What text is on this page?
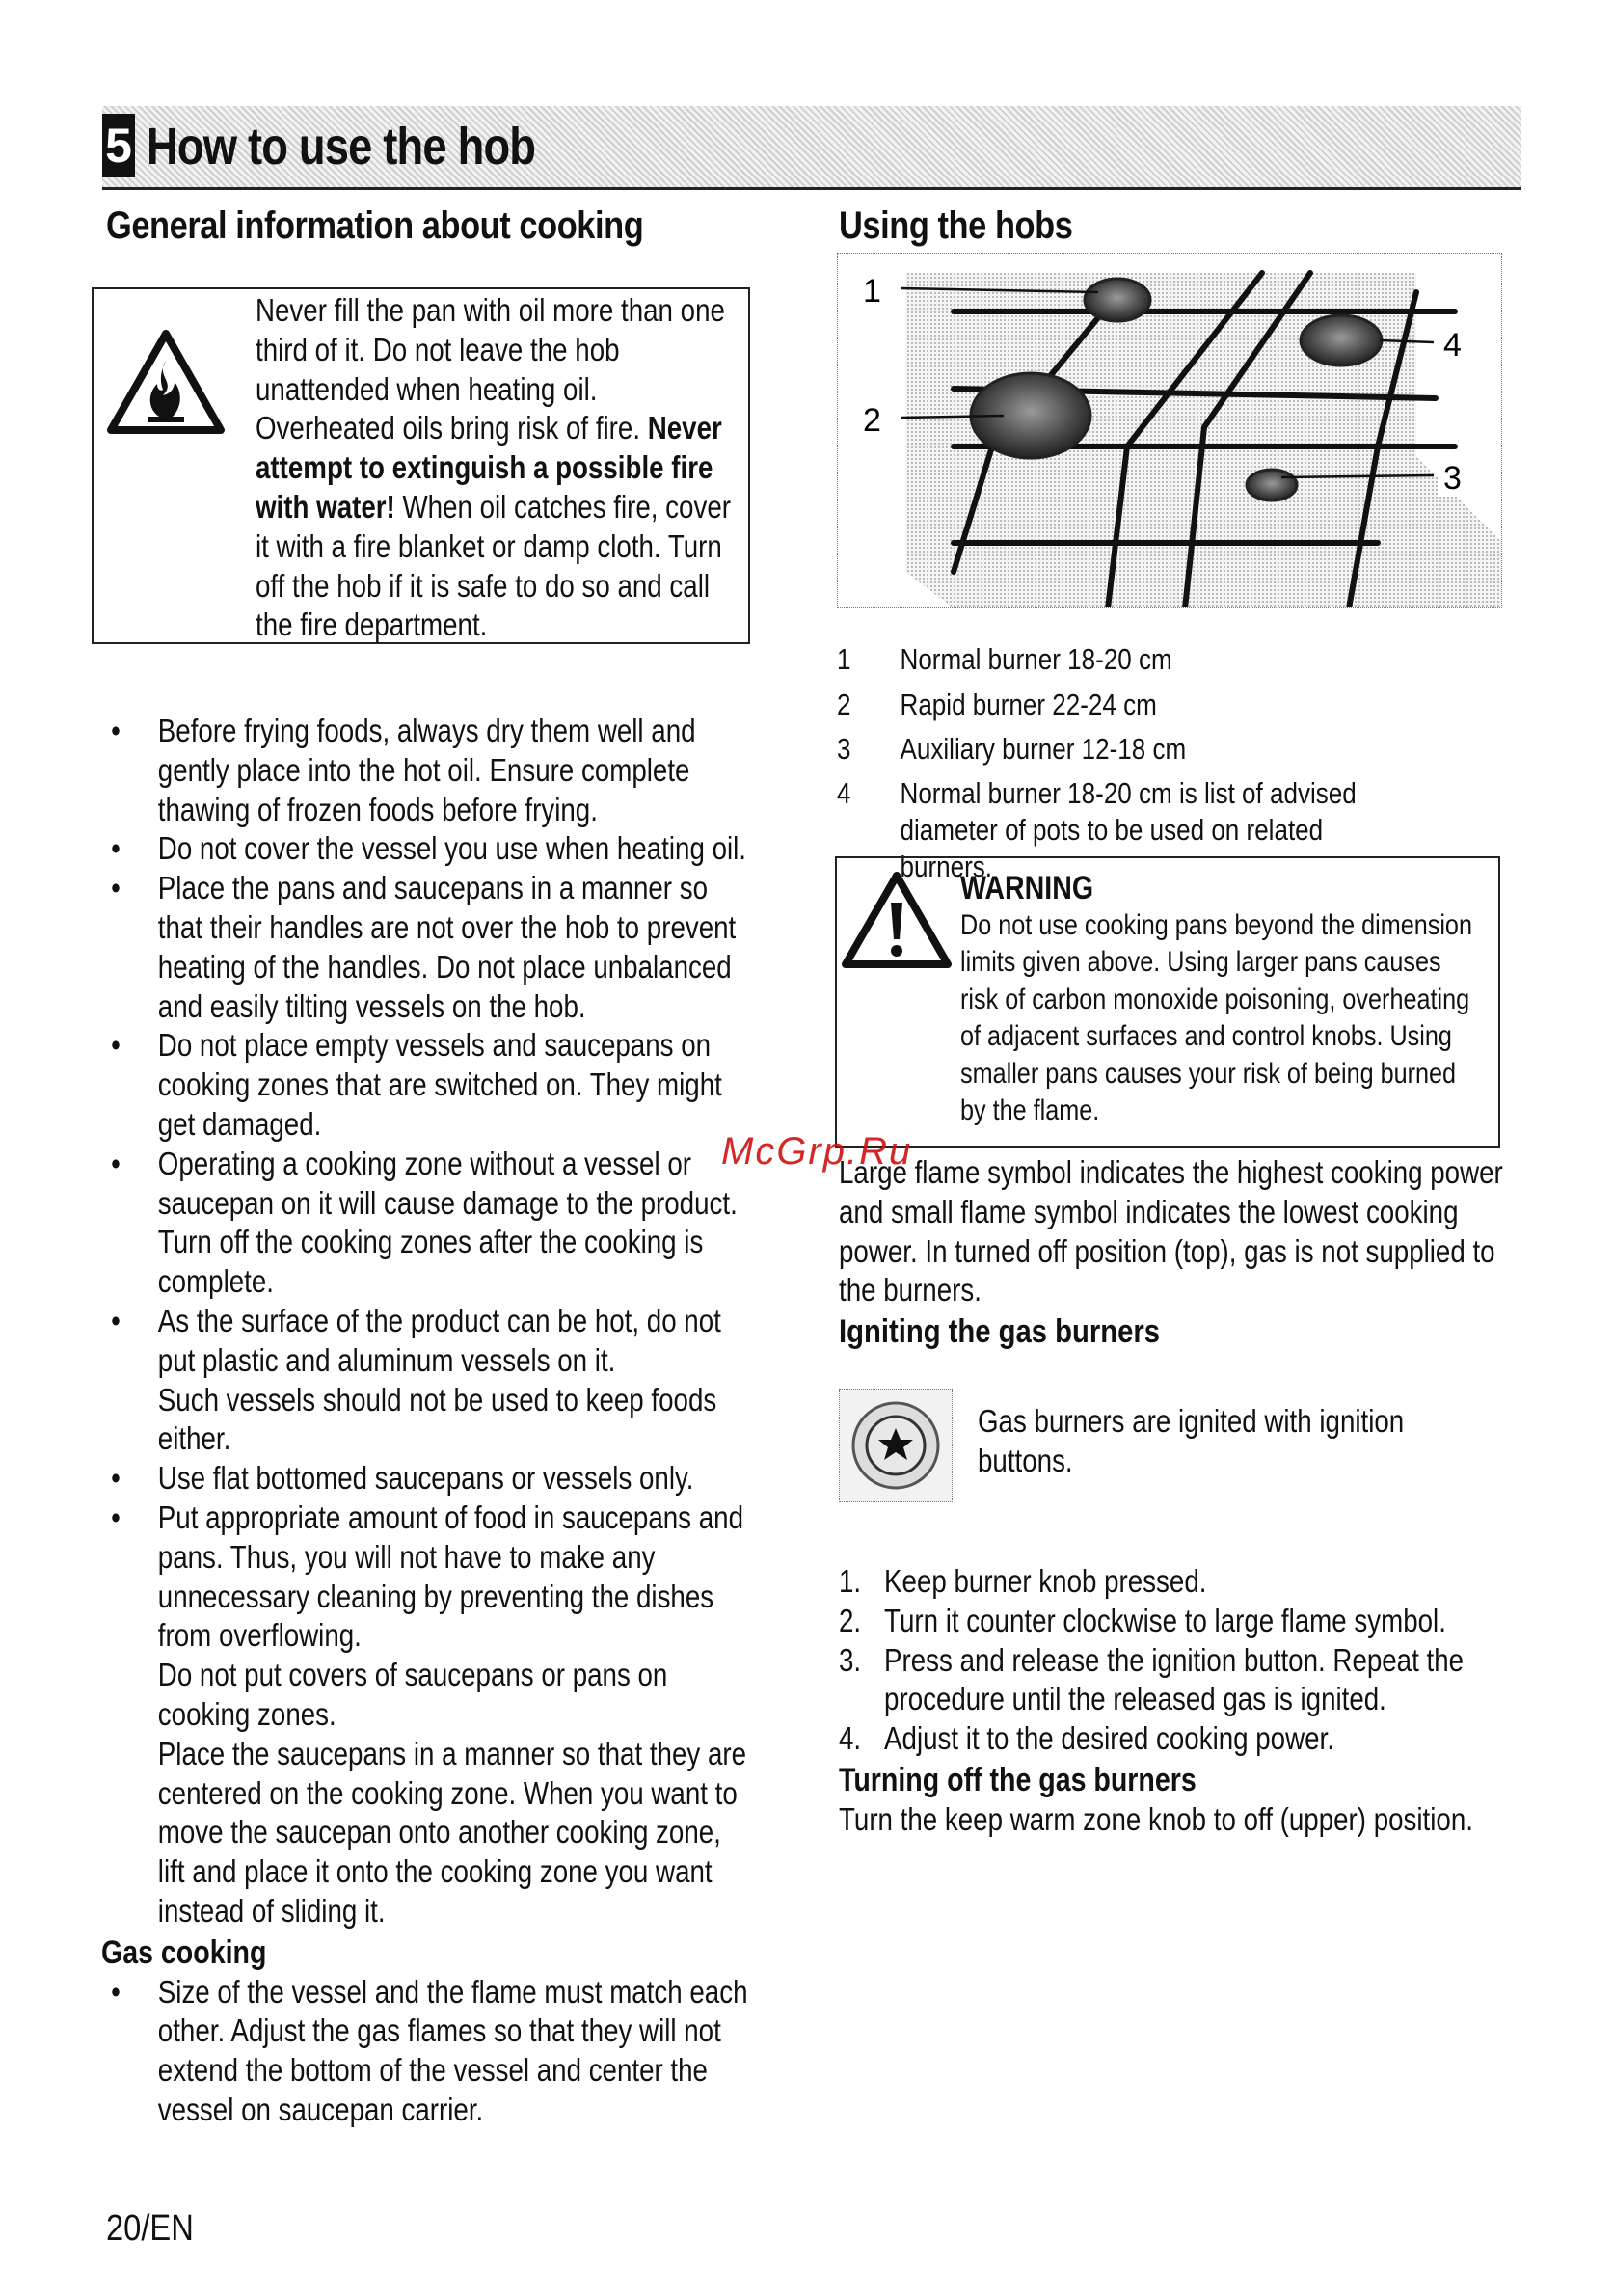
5 How to use the hob
General information about cooking
Never fill the pan with oil more than one third of it. Do not leave the hob unattended when heating oil. Overheated oils bring risk of fire. Never attempt to extinguish a possible fire with water! When oil catches fire, cover it with a fire blanket or damp cloth. Turn off the hob if it is safe to do so and call the fire department.
• Before frying foods, always dry them well and gently place into the hot oil. Ensure complete thawing of frozen foods before frying.
• Do not cover the vessel you use when heating oil.
• Place the pans and saucepans in a manner so that their handles are not over the hob to prevent heating of the handles. Do not place unbalanced and easily tilting vessels on the hob.
• Do not place empty vessels and saucepans on cooking zones that are switched on. They might get damaged.
• Operating a cooking zone without a vessel or saucepan on it will cause damage to the product. Turn off the cooking zones after the cooking is complete.
• As the surface of the product can be hot, do not put plastic and aluminum vessels on it.
Such vessels should not be used to keep foods either.
• Use flat bottomed saucepans or vessels only.
• Put appropriate amount of food in saucepans and pans. Thus, you will not have to make any unnecessary cleaning by preventing the dishes from overflowing.
Do not put covers of saucepans or pans on cooking zones.
Place the saucepans in a manner so that they are centered on the cooking zone. When you want to move the saucepan onto another cooking zone, lift and place it onto the cooking zone you want instead of sliding it.
Gas cooking
• Size of the vessel and the flame must match each other. Adjust the gas flames so that they will not extend the bottom of the vessel and center the vessel on saucepan carrier.
Using the hobs
1
2
3
4
1	Normal burner 18-20 cm
2	Rapid burner 22-24 cm
3	Auxiliary burner 12-18 cm
4	Normal burner 18-20 cm is list of advised diameter of pots to be used on related burners.
WARNING
Do not use cooking pans beyond the dimension limits given above. Using larger pans causes risk of carbon monoxide poisoning, overheating of adjacent surfaces and control knobs. Using smaller pans causes your risk of being burned by the flame.
Large flame symbol indicates the highest cooking power and small flame symbol indicates the lowest cooking power. In turned off position (top), gas is not supplied to the burners.
Igniting the gas burners
Gas burners are ignited with ignition buttons.
1. Keep burner knob pressed.
2. Turn it counter clockwise to large flame symbol.
3. Press and release the ignition button. Repeat the procedure until the released gas is ignited.
4. Adjust it to the desired cooking power.
Turning off the gas burners
Turn the keep warm zone knob to off (upper) position.
McGrp.Ru
20/EN
